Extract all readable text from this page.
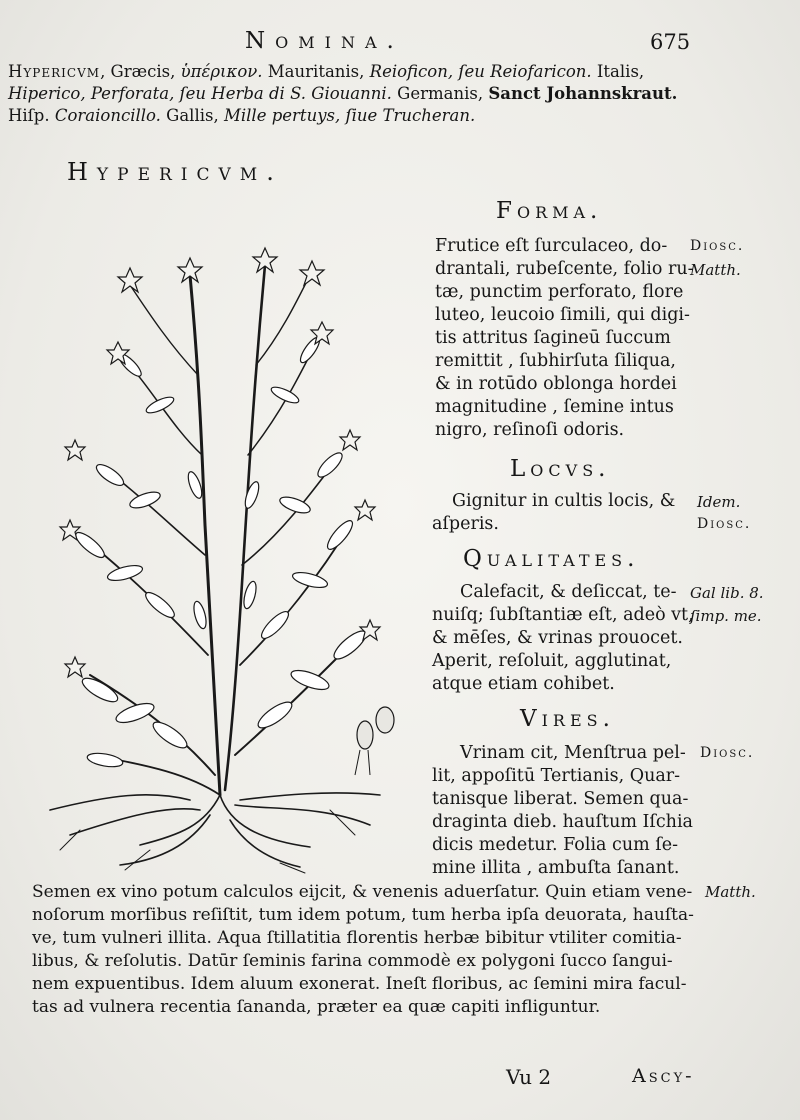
Nomina.	675
Hypericvm, Græcis, ὑπέρικον. Mauritanis, Reioficon, ſeu Reiofaricon. Italis,
Hiperico, Perforata, ſeu Herba di S. Giouanni. Germanis, Sanct Johannskraut.
Hiſp. Coraioncillo. Gallis, Mille pertuys, ſiue Trucheran.
Hypericvm.
Forma.
Frutice eſt ſurculaceo, do-
drantali, rubeſcente, folio ru-
tæ, punctim perforato, flore
luteo, leucoio ſimili, qui digi-
tis attritus ſagineū ſuccum
remittit , ſubhirſuta ſiliqua,
& in rotūdo oblonga hordei
magnitudine , ſemine intus
nigro, reſinoſi odoris.
Diosc.
Matth.
Locvs.
Gignitur in cultis locis, &
aſperis.
Idem.
Diosc.
Qualitates.
Calefacit, & deſiccat, te-
nuiſq; ſubſtantiæ eſt, adeò vt,
& mēſes, & vrinas prouocet.
Aperit, reſoluit, agglutinat,
atque etiam cohibet.
Gal lib. 8.
ſimp. me.
Vires.
Vrinam cit, Menſtrua pel-
lit, appoſitū Tertianis, Quar-
tanisque liberat. Semen qua-
draginta dieb. hauſtum Iſchia
dicis medetur. Folia cum ſe-
mine illita , ambuſta ſanant.
Diosc.
Matth.
Semen ex vino potum calculos eijcit, & venenis aduerſatur. Quin etiam vene-
noſorum morſibus reſiſtit, tum idem potum, tum herba ipſa deuorata, hauſta-
ve, tum vulneri illita. Aqua ſtillatitia florentis herbæ bibitur vtiliter comitia-
libus, & reſolutis. Datūr ſeminis farina commodè ex polygoni ſucco ſangui-
nem expuentibus. Idem aluum exonerat. Ineſt floribus, ac ſemini mira facul-
tas ad vulnera recentia ſananda, præter ea quæ capiti infliguntur.
Vu 2	Ascy-
